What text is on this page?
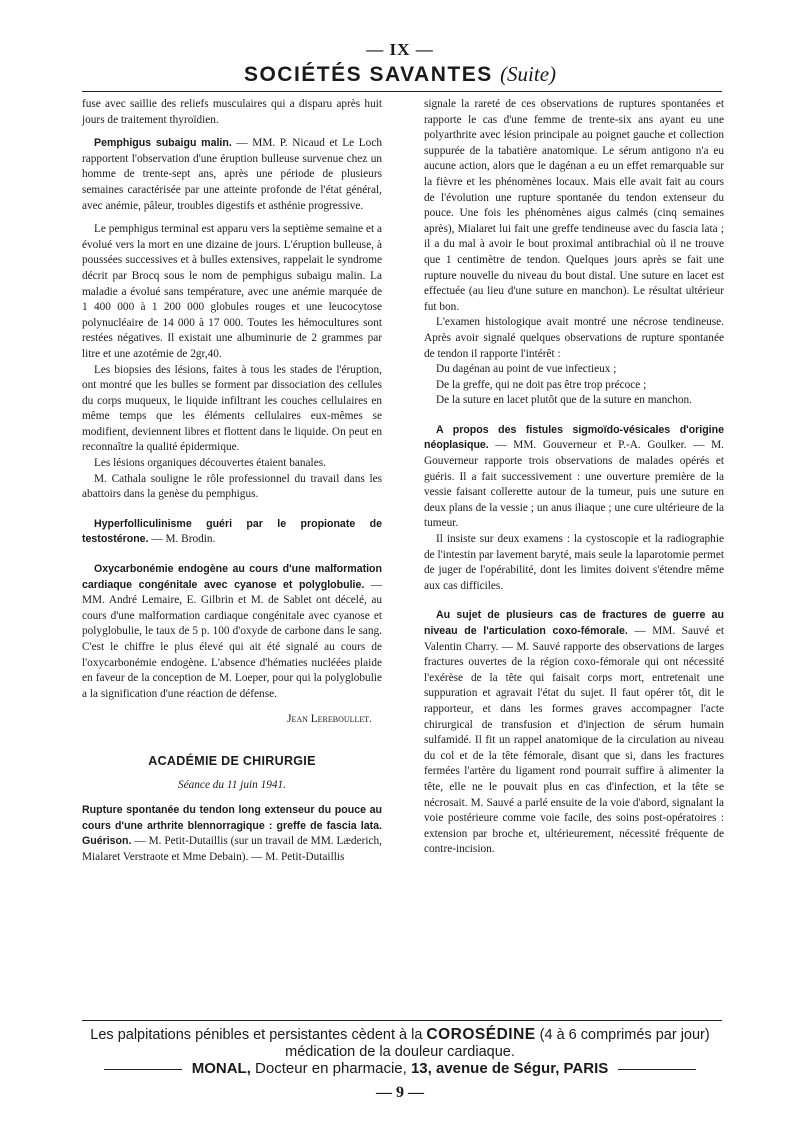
— IX —
SOCIÉTÉS SAVANTES (Suite)

fuse avec saillie des reliefs musculaires qui a disparu après huit jours de traitement thyroïdien.

Pemphigus subaigu malin. — MM. P. Nicaud et Le Loch rapportent l'observation d'une éruption bulleuse survenue chez un homme de trente-sept ans, après une période de plusieurs semaines caractérisée par une atteinte profonde de l'état général, avec anémie, pâleur, troubles digestifs et asthénie progressive.

Le pemphigus terminal est apparu vers la septième semaine et a évolué vers la mort en une dizaine de jours. L'éruption bulleuse, à poussées successives et à bulles extensives, rappelait le syndrome décrit par Brocq sous le nom de pemphigus subaigu malin. La maladie a évolué sans température, avec une anémie marquée de 1 400 000 à 1 200 000 globules rouges et une leucocytose polynucléaire de 14 000 à 17 000. Toutes les hémocultures sont restées négatives. Il existait une albuminurie de 2 grammes par litre et une azotémie de 2gr,40.

Les biopsies des lésions, faites à tous les stades de l'éruption, ont montré que les bulles se forment par dissociation des cellules du corps muqueux, le liquide infiltrant les couches cellulaires en même temps que les éléments cellulaires eux-mêmes se modifient, deviennent libres et flottent dans le liquide. On peut en reconnaître la qualité épidermique.

Les lésions organiques découvertes étaient banales.

M. Cathala souligne le rôle professionnel du travail dans les abattoirs dans la genèse du pemphigus.

Hyperfolliculinisme guéri par le propionate de testostérone. — M. Brodin.

Oxycarbonémie endogène au cours d'une malformation cardiaque congénitale avec cyanose et polyglobulie. — MM. André Lemaire, E. Gilbrin et M. de Sablet ont décelé, au cours d'une malformation cardiaque congénitale avec cyanose et polyglobulie, le taux de 5 p. 100 d'oxyde de carbone dans le sang. C'est le chiffre le plus élevé qui ait été signalé au cours de l'oxycarbonémie endogène. L'absence d'hématies nucléées plaide en faveur de la conception de M. Loeper, pour qui la polyglobulie a la signification d'une réaction de défense.

Jean Lereboullet.

ACADÉMIE DE CHIRURGIE
Séance du 11 juin 1941.

Rupture spontanée du tendon long extenseur du pouce au cours d'une arthrite blennorragique : greffe de fascia lata. Guérison. — M. Petit-Dutaillis (sur un travail de MM. Læderich, Mialaret Verstraote et Mme Debain). — M. Petit-Dutaillis

signale la rareté de ces observations de ruptures spontanées et rapporte le cas d'une femme de trente-six ans ayant eu une polyarthrite avec lésion principale au poignet gauche et collection suppurée de la tabatière anatomique. Le sérum antigono n'a eu aucune action, alors que le dagénan a eu un effet remarquable sur la fièvre et les phénomènes locaux. Mais elle avait fait au cours de l'évolution une rupture spontanée du tendon extenseur du pouce. Une fois les phénomènes aigus calmés (cinq semaines après), Mialaret lui fait une greffe tendineuse avec du fascia lata ; il a du mal à avoir le bout proximal antibrachial où il ne trouve que 1 centimètre de tendon. Quelques jours après se fait une rupture nouvelle du niveau du bout distal. Une suture en lacet est effectuée (au lieu d'une suture en manchon). Le résultat ultérieur fut bon.

L'examen histologique avait montré une nécrose tendineuse. Après avoir signalé quelques observations de rupture spontanée de tendon il rapporte l'intérêt :

Du dagénan au point de vue infectieux ;

De la greffe, qui ne doit pas être trop précoce ;

De la suture en lacet plutôt que de la suture en manchon.

A propos des fistules sigmoïdo-vésicales d'origine néoplasique. — MM. Gouverneur et P.-A. Goulker. — M. Gouverneur rapporte trois observations de malades opérés et guéris. Il a fait successivement : une ouverture première de la vessie faisant collerette autour de la tumeur, puis une suture en deux plans de la vessie ; un anus iliaque ; une cure ultérieure de la tumeur.

Il insiste sur deux examens : la cystoscopie et la radiographie de l'intestin par lavement baryté, mais seule la laparotomie permet de juger de l'opérabilité, dont les limites doivent s'étendre même aux cas difficiles.

Au sujet de plusieurs cas de fractures de guerre au niveau de l'articulation coxo-fémorale. — MM. Sauvé et Valentin Charry. — M. Sauvé rapporte des observations de larges fractures ouvertes de la région coxo-fémorale qui ont nécessité l'exérèse de la tête qui faisait corps mort, entretenait une suppuration et agravait l'état du sujet. Il faut opérer tôt, dit le rapporteur, et dans les formes graves accompagner l'acte chirurgical de transfusion et d'injection de sérum humain sulfamidé. Il fit un rappel anatomique de la circulation au niveau du col et de la tête fémorale, disant que si, dans les fractures fermées l'artère du ligament rond pourrait suffire à alimenter la tête, elle ne le pouvait plus en cas d'infection, et la tête se nécrosait. M. Sauvé a parlé ensuite de la voie d'abord, signalant la voie postérieure comme voie facile, des soins post-opératoires : extension par broche et, ultérieurement, nécessité fréquente de contre-incision.

Les palpitations pénibles et persistantes cèdent à la COROSÉDINE (4 à 6 comprimés par jour)
médication de la douleur cardiaque.
MONAL, Docteur en pharmacie, 13, avenue de Ségur, PARIS
— 9 —
